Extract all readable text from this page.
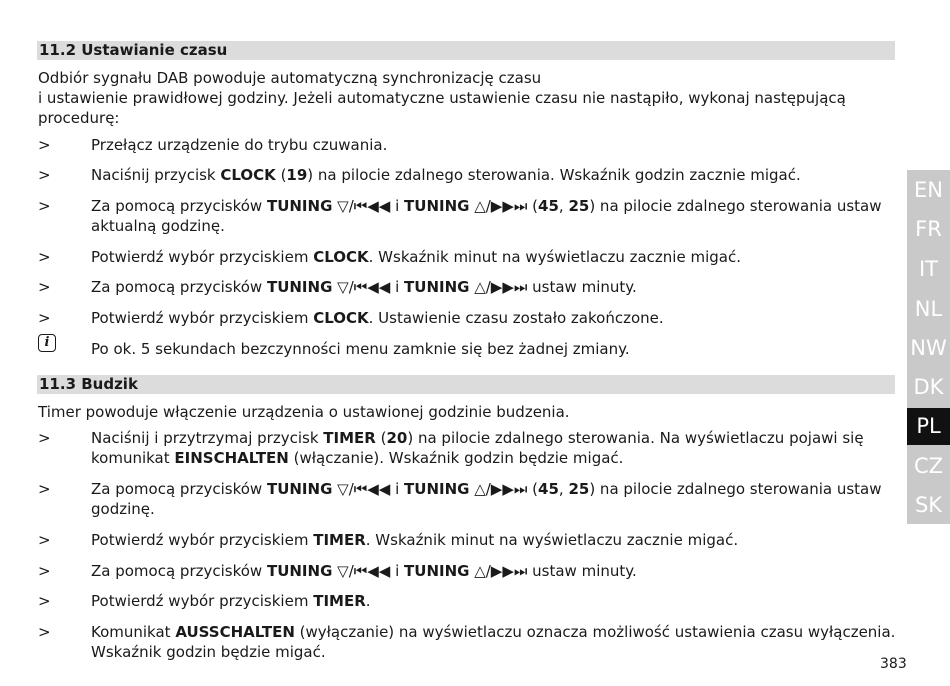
11.2 Ustawianie czasu
Odbiór sygnału DAB powoduje automatyczną synchronizację czasu
i ustawienie prawidłowej godziny. Jeżeli automatyczne ustawienie czasu nie nastąpiło, wykonaj następującą
procedurę:
>	Przełącz urządzenie do trybu czuwania.
>	Naciśnij przycisk CLOCK (19) na pilocie zdalnego sterowania. Wskaźnik godzin zacznie migać.
>	Za pomocą przycisków TUNING ▽/⏮◀◀ i TUNING △/▶▶⏭ (45, 25) na pilocie zdalnego sterowania ustaw
aktualną godzinę.
>	Potwierdź wybór przyciskiem CLOCK. Wskaźnik minut na wyświetlaczu zacznie migać.
>	Za pomocą przycisków TUNING ▽/⏮◀◀ i TUNING △/▶▶⏭ ustaw minuty.
>	Potwierdź wybór przyciskiem CLOCK. Ustawienie czasu zostało zakończone.
i	Po ok. 5 sekundach bezczynności menu zamknie się bez żadnej zmiany.
11.3 Budzik
Timer powoduje włączenie urządzenia o ustawionej godzinie budzenia.
>	Naciśnij i przytrzymaj przycisk TIMER (20) na pilocie zdalnego sterowania. Na wyświetlaczu pojawi się
komunikat EINSCHALTEN (włączanie). Wskaźnik godzin będzie migać.
>	Za pomocą przycisków TUNING ▽/⏮◀◀ i TUNING △/▶▶⏭ (45, 25) na pilocie zdalnego sterowania ustaw
godzinę.
>	Potwierdź wybór przyciskiem TIMER. Wskaźnik minut na wyświetlaczu zacznie migać.
>	Za pomocą przycisków TUNING ▽/⏮◀◀ i TUNING △/▶▶⏭ ustaw minuty.
>	Potwierdź wybór przyciskiem TIMER.
>	Komunikat AUSSCHALTEN (wyłączanie) na wyświetlaczu oznacza możliwość ustawienia czasu wyłączenia.
Wskaźnik godzin będzie migać.
EN
FR
IT
NL
NW
DK
PL
CZ
SK
383
